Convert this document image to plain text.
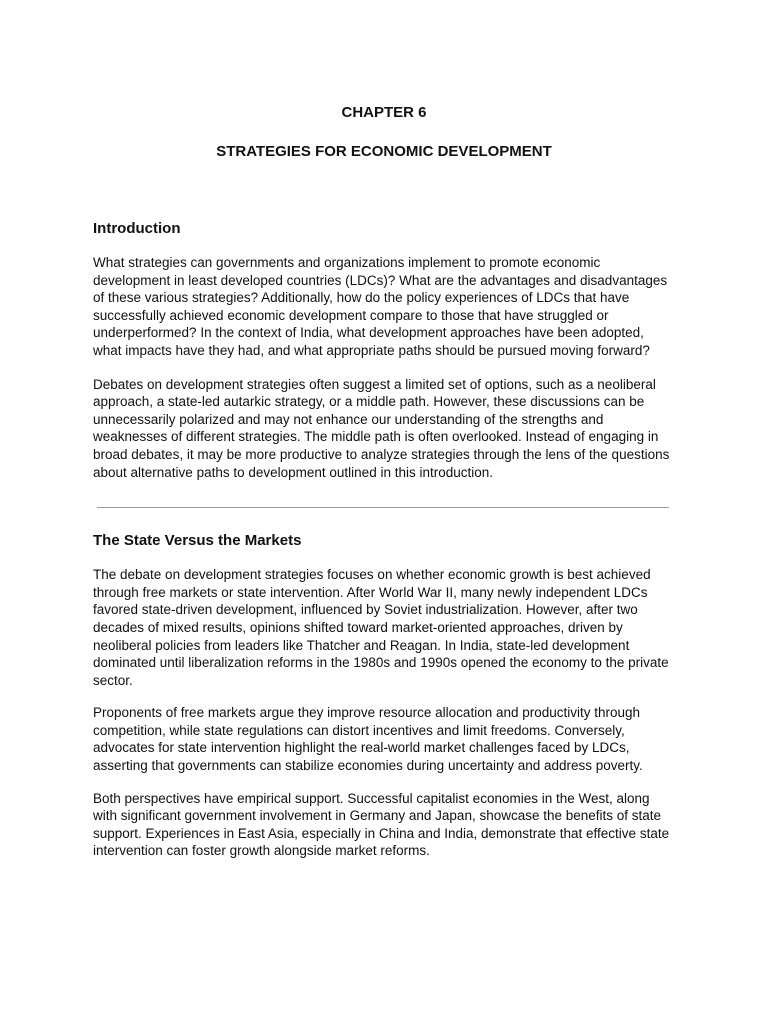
CHAPTER 6
STRATEGIES FOR ECONOMIC DEVELOPMENT
Introduction

What strategies can governments and organizations implement to promote economic development in least developed countries (LDCs)? What are the advantages and disadvantages of these various strategies? Additionally, how do the policy experiences of LDCs that have successfully achieved economic development compare to those that have struggled or underperformed? In the context of India, what development approaches have been adopted, what impacts have they had, and what appropriate paths should be pursued moving forward?

Debates on development strategies often suggest a limited set of options, such as a neoliberal approach, a state-led autarkic strategy, or a middle path. However, these discussions can be unnecessarily polarized and may not enhance our understanding of the strengths and weaknesses of different strategies. The middle path is often overlooked. Instead of engaging in broad debates, it may be more productive to analyze strategies through the lens of the questions about alternative paths to development outlined in this introduction.

The State Versus the Markets

The debate on development strategies focuses on whether economic growth is best achieved through free markets or state intervention. After World War II, many newly independent LDCs favored state-driven development, influenced by Soviet industrialization. However, after two decades of mixed results, opinions shifted toward market-oriented approaches, driven by neoliberal policies from leaders like Thatcher and Reagan. In India, state-led development dominated until liberalization reforms in the 1980s and 1990s opened the economy to the private sector.

Proponents of free markets argue they improve resource allocation and productivity through competition, while state regulations can distort incentives and limit freedoms. Conversely, advocates for state intervention highlight the real-world market challenges faced by LDCs, asserting that governments can stabilize economies during uncertainty and address poverty.

Both perspectives have empirical support. Successful capitalist economies in the West, along with significant government involvement in Germany and Japan, showcase the benefits of state support. Experiences in East Asia, especially in China and India, demonstrate that effective state intervention can foster growth alongside market reforms.
